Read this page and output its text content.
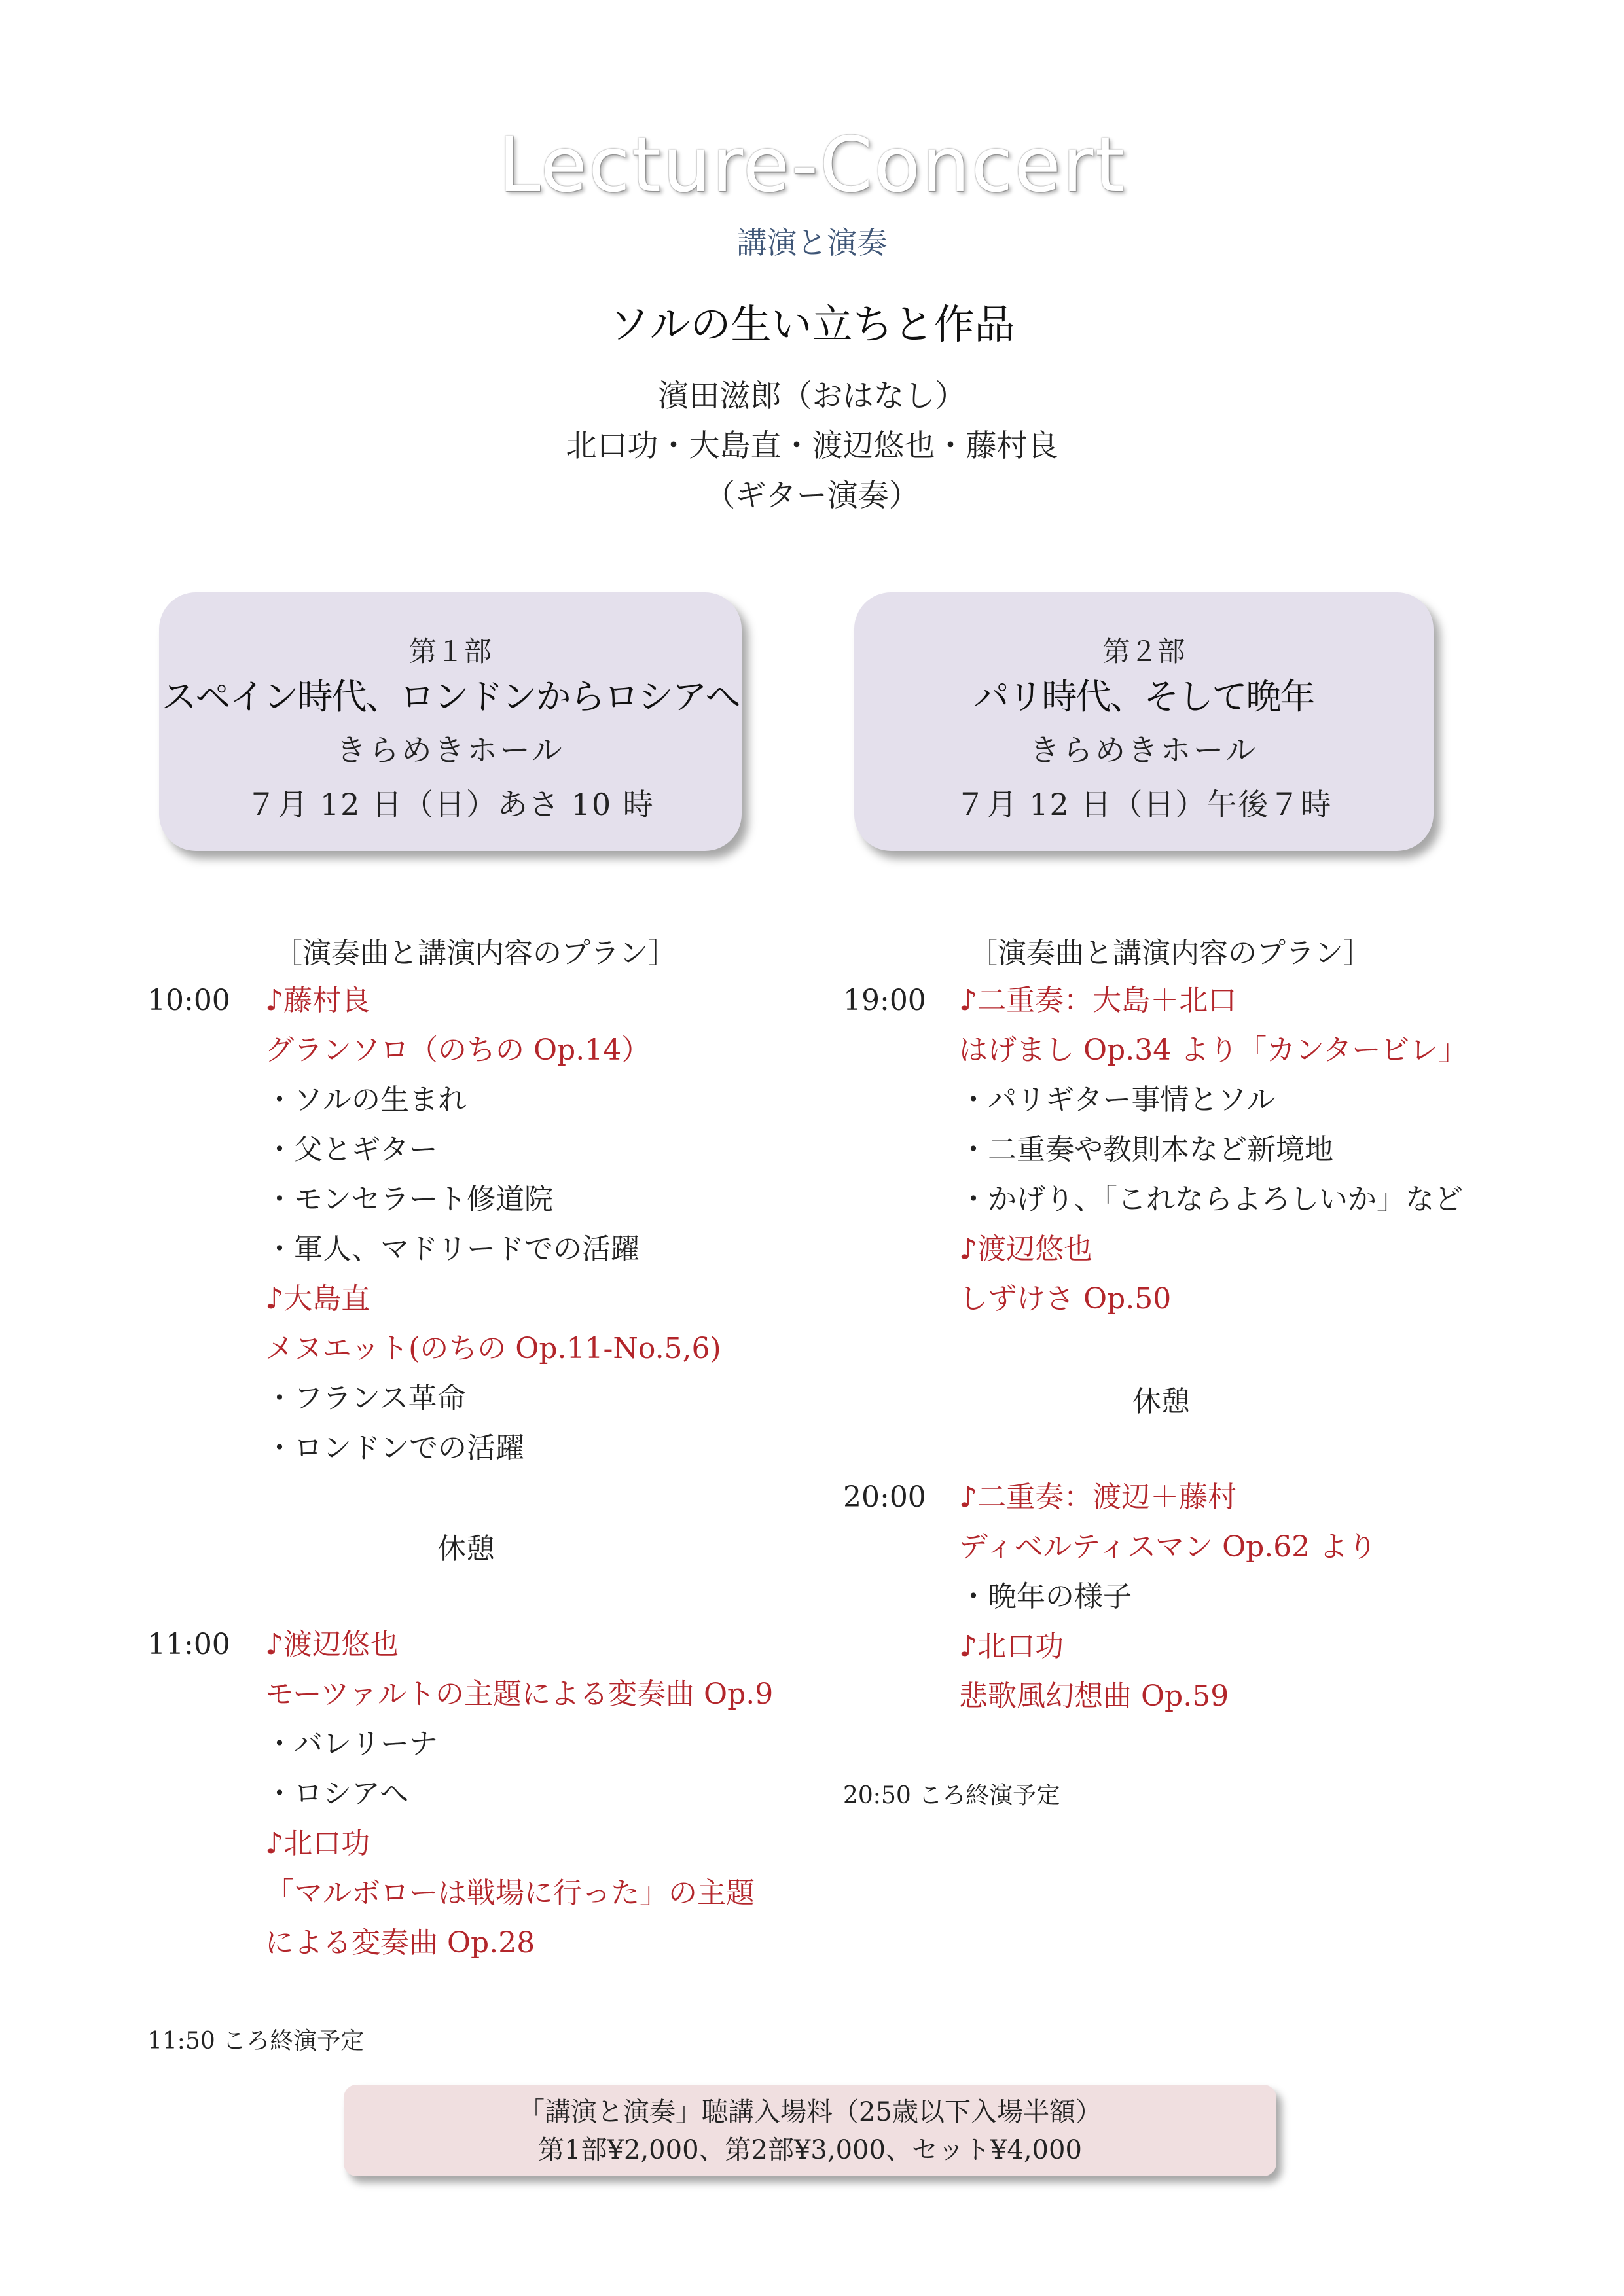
Lecture-Concert
講演と演奏
ソルの生い立ちと作品
濱田滋郎（おはなし）
北口功・大島直・渡辺悠也・藤村良
（ギター演奏）
第１部
スペイン時代、ロンドンからロシアへ
きらめきホール
７月 12 日（日）あさ 10 時
第２部
パリ時代、そして晩年
きらめきホール
７月 12 日（日）午後７時
［演奏曲と講演内容のプラン］
10:00 ♪藤村良
グランソロ（のちの Op.14）
・ソルの生まれ
・父とギター
・モンセラート修道院
・軍人、マドリードでの活躍
♪大島直
メヌエット(のちの Op.11-No.5,6)
・フランス革命
・ロンドンでの活躍
休憩
11:00 ♪渡辺悠也
モーツァルトの主題による変奏曲 Op.9
・バレリーナ
・ロシアへ
♪北口功
「マルボローは戦場に行った」の主題
による変奏曲 Op.28
11:50 ころ終演予定
［演奏曲と講演内容のプラン］
19:00 ♪二重奏：大島＋北口
はげまし Op.34 より「カンタービレ」
・パリギター事情とソル
・二重奏や教則本など新境地
・かげり、「これならよろしいか」など
♪渡辺悠也
しずけさ Op.50
休憩
20:00 ♪二重奏：渡辺＋藤村
ディベルティスマン Op.62 より
・晩年の様子
♪北口功
悲歌風幻想曲 Op.59
20:50 ころ終演予定
「講演と演奏」聴講入場料（25歳以下入場半額）
第1部¥2,000、第2部¥3,000、セット¥4,000
